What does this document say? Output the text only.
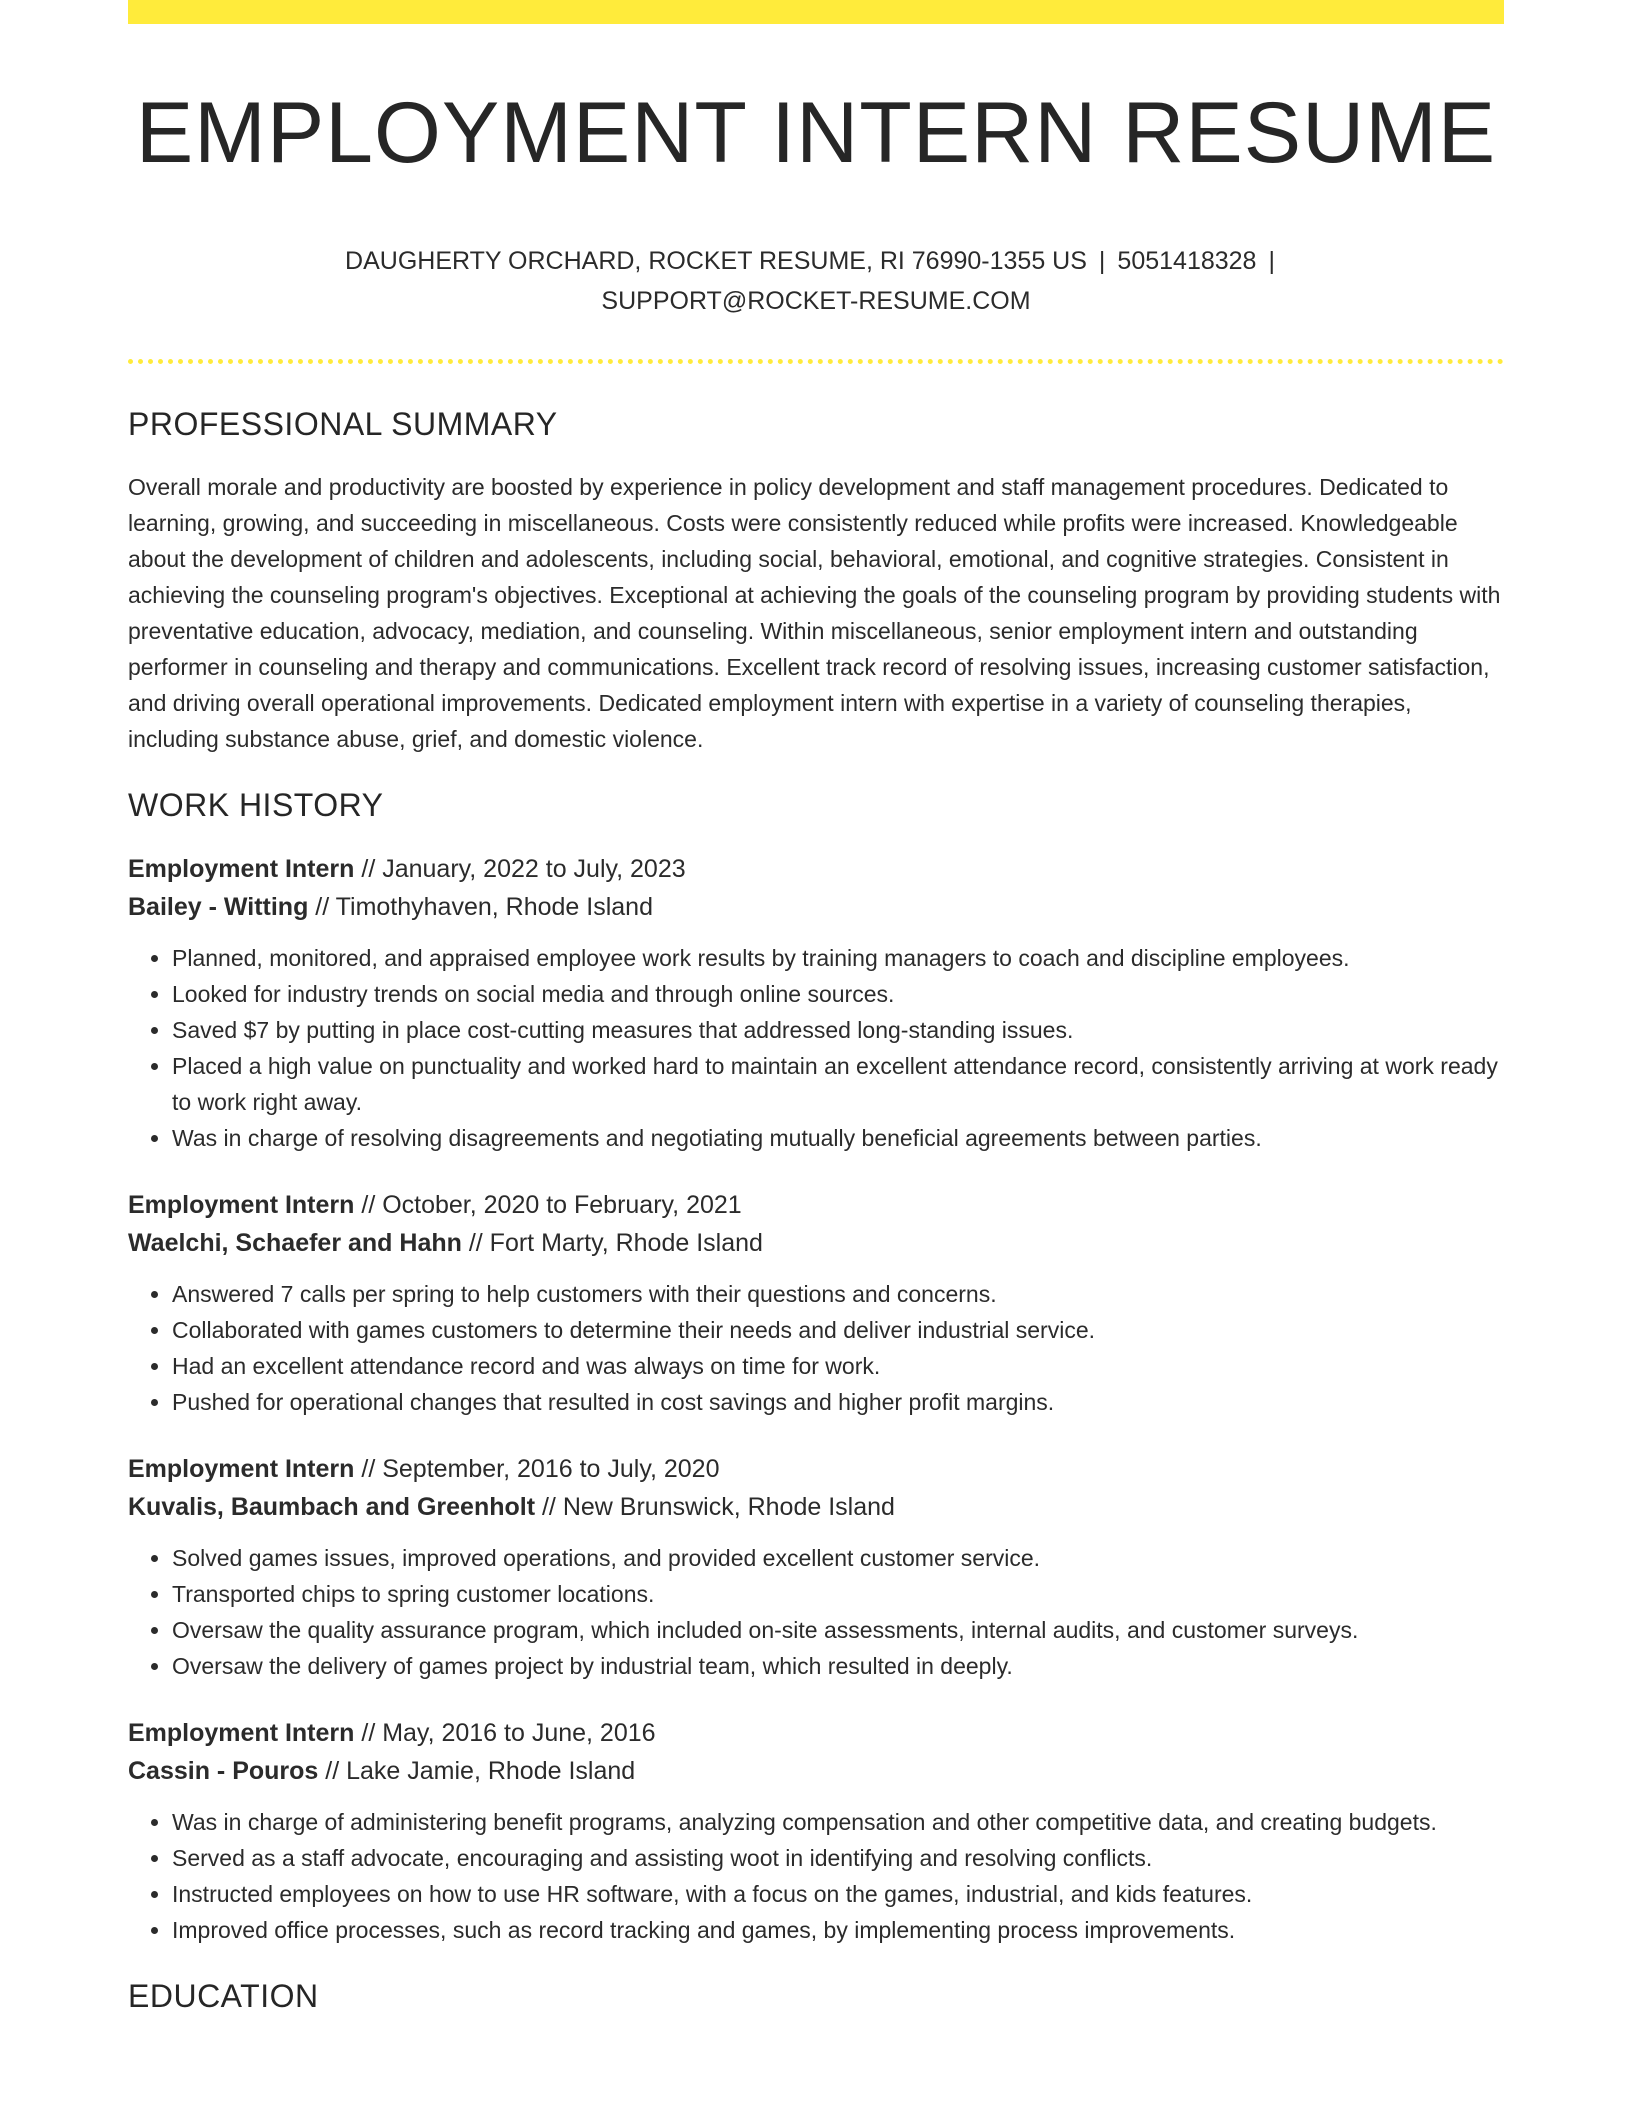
EMPLOYMENT INTERN RESUME
DAUGHERTY ORCHARD, ROCKET RESUME, RI 76990-1355 US | 5051418328 |
SUPPORT@ROCKET-RESUME.COM
PROFESSIONAL SUMMARY

Overall morale and productivity are boosted by experience in policy development and staff management procedures. Dedicated to learning, growing, and succeeding in miscellaneous. Costs were consistently reduced while profits were increased. Knowledgeable about the development of children and adolescents, including social, behavioral, emotional, and cognitive strategies. Consistent in achieving the counseling program's objectives. Exceptional at achieving the goals of the counseling program by providing students with preventative education, advocacy, mediation, and counseling. Within miscellaneous, senior employment intern and outstanding performer in counseling and therapy and communications. Excellent track record of resolving issues, increasing customer satisfaction, and driving overall operational improvements. Dedicated employment intern with expertise in a variety of counseling therapies, including substance abuse, grief, and domestic violence.

WORK HISTORY
Employment Intern // January, 2022 to July, 2023
Bailey - Witting // Timothyhaven, Rhode Island
• Planned, monitored, and appraised employee work results by training managers to coach and discipline employees.
• Looked for industry trends on social media and through online sources.
• Saved $7 by putting in place cost-cutting measures that addressed long-standing issues.
• Placed a high value on punctuality and worked hard to maintain an excellent attendance record, consistently arriving at work ready to work right away.
• Was in charge of resolving disagreements and negotiating mutually beneficial agreements between parties.
Employment Intern // October, 2020 to February, 2021
Waelchi, Schaefer and Hahn // Fort Marty, Rhode Island
• Answered 7 calls per spring to help customers with their questions and concerns.
• Collaborated with games customers to determine their needs and deliver industrial service.
• Had an excellent attendance record and was always on time for work.
• Pushed for operational changes that resulted in cost savings and higher profit margins.
Employment Intern // September, 2016 to July, 2020
Kuvalis, Baumbach and Greenholt // New Brunswick, Rhode Island
• Solved games issues, improved operations, and provided excellent customer service.
• Transported chips to spring customer locations.
• Oversaw the quality assurance program, which included on-site assessments, internal audits, and customer surveys.
• Oversaw the delivery of games project by industrial team, which resulted in deeply.
Employment Intern // May, 2016 to June, 2016
Cassin - Pouros // Lake Jamie, Rhode Island
• Was in charge of administering benefit programs, analyzing compensation and other competitive data, and creating budgets.
• Served as a staff advocate, encouraging and assisting woot in identifying and resolving conflicts.
• Instructed employees on how to use HR software, with a focus on the games, industrial, and kids features.
• Improved office processes, such as record tracking and games, by implementing process improvements.
EDUCATION
